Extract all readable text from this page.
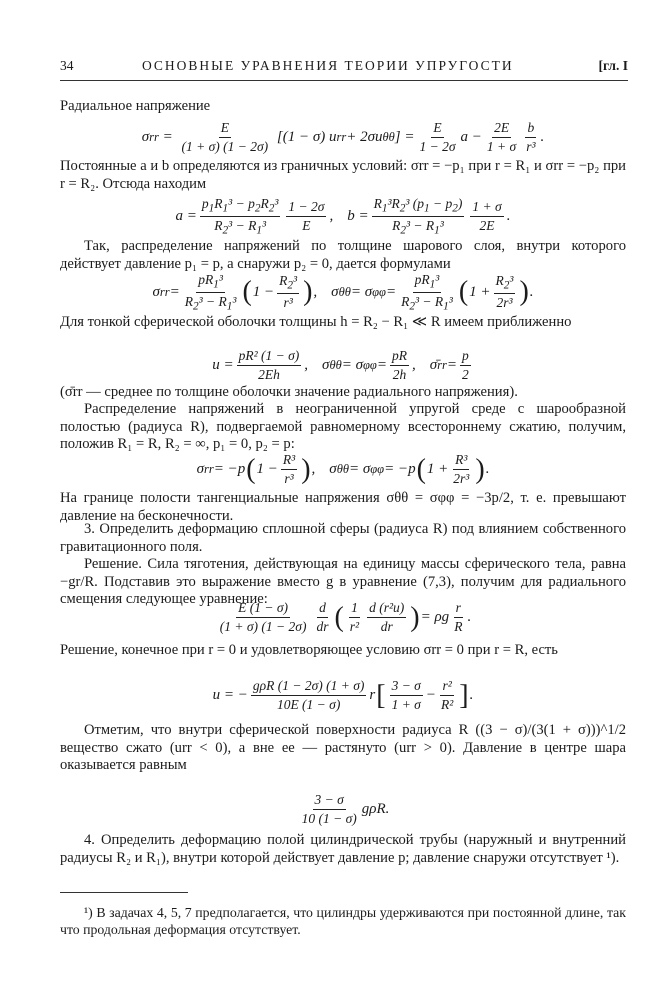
34	ОСНОВНЫЕ УРАВНЕНИЯ ТЕОРИИ УПРУГОСТИ	[гл. I
Радиальное напряжение
σ rr = $\frac{E}{(1 + \sigma) (1 - 2\sigma)} [(1 - \sigma)$ u rr + 2σu θθ ] = $\frac{E}{1 - 2\sigma}$ $a - \frac{2E}{1 + \sigma} \frac{b}{\text{r³}}$ .
Постоянные a и b определяются из граничных условий: σrr = −p₁ при r = R₁ и σrr = −p₂ при r = R₂. Отсюда находим
$a = \frac{p_1R_1^3 - p_2R_2^3}{R_2^3 - R_1^3} \frac{1 - 2\sigma}{E}$ ,
$b = \frac{R_1^3R_2^3 (p_1 - p_2)}{R_2^3 - R_1^3} \frac{1 + \sigma}{2E}$ .
Так, распределение напряжений по толщине шарового слоя, внутри которого действует давление p₁ = p, а снаружи p₂ = 0, дается формулами
σ rr = $\frac{pR_1^3}{R_2^3 - R_1^3}$ ( $1 - \frac{R_2^3}{\text{r³}}$ ) ,
σ θθ = σ $\varphi\varphi = \frac{pR_1^3}{R_2^3 - R_1^3}$ ( $1 + \frac{R_2^3}{\text{2r³}}$ ) .
Для тонкой сферической оболочки толщины h = R₂ − R₁ ≪ R имеем приближенно
$u = \frac{\text{pR² (1 − σ)}}{2Eh}$ ,
σ θθ = σ $\varphi\varphi = \frac{pR}{2h}$ ,
σ̄ rr = $\frac{p}{2}$
(σ̄rr — среднее по толщине оболочки значение радиального напряжения).
Распределение напряжений в неограниченной упругой среде с шарообразной полостью (радиуса R), подвергаемой равномерному всестороннему сжатию, получим, положив R₁ = R, R₂ = ∞, p₁ = 0, p₂ = p:
σ rr = −p ( $1 - \frac{\text{R³}}{\text{r³}}$ ) ,
σ θθ = σ φφ = −p ( $1 + \frac{\text{R³}}{\text{2r³}}$ ) .
На границе полости тангенциальные напряжения σθθ = σφφ = −3p/2, т. е. превышают давление на бесконечности.
3. Определить деформацию сплошной сферы (радиуса R) под влиянием собственного гравитационного поля.
Решение. Сила тяготения, действующая на единицу массы сферического тела, равна −gr/R. Подставив это выражение вместо g в уравнение (7,3), получим для радиального смещения следующее уравнение:
$\frac{E (1 - \sigma)}{(1 + \sigma) (1 - 2\sigma)} \frac{d}{dr}$ ( $\frac{1}{\text{r²}} \frac{\text{d (r²u)}}{dr}$ ) = ρg $\frac{r}{R}$ .
Решение, конечное при r = 0 и удовлетворяющее условию σrr = 0 при r = R, есть
u = − $\frac{\text{gρR (1 − 2σ) (1 + σ)}}{10E (1 - \sigma)}$ r [ $\frac{3 - \sigma}{1 + \sigma} - \frac{\text{r²}}{\text{R²}}$ ] .
Отметим, что внутри сферической поверхности радиуса R ((3 − σ)/(3(1 + σ)))^1/2 вещество сжато (urr < 0), а вне ее — растянуто (urr > 0). Давление в центре шара оказывается равным
$\frac{3 - \sigma}{10 (1 - \sigma)} g\rho R$.
4. Определить деформацию полой цилиндрической трубы (наружный и внутренний радиусы R₂ и R₁), внутри которой действует давление p; давление снаружи отсутствует ¹).
¹) В задачах 4, 5, 7 предполагается, что цилиндры удерживаются при постоянной длине, так что продольная деформация отсутствует.
